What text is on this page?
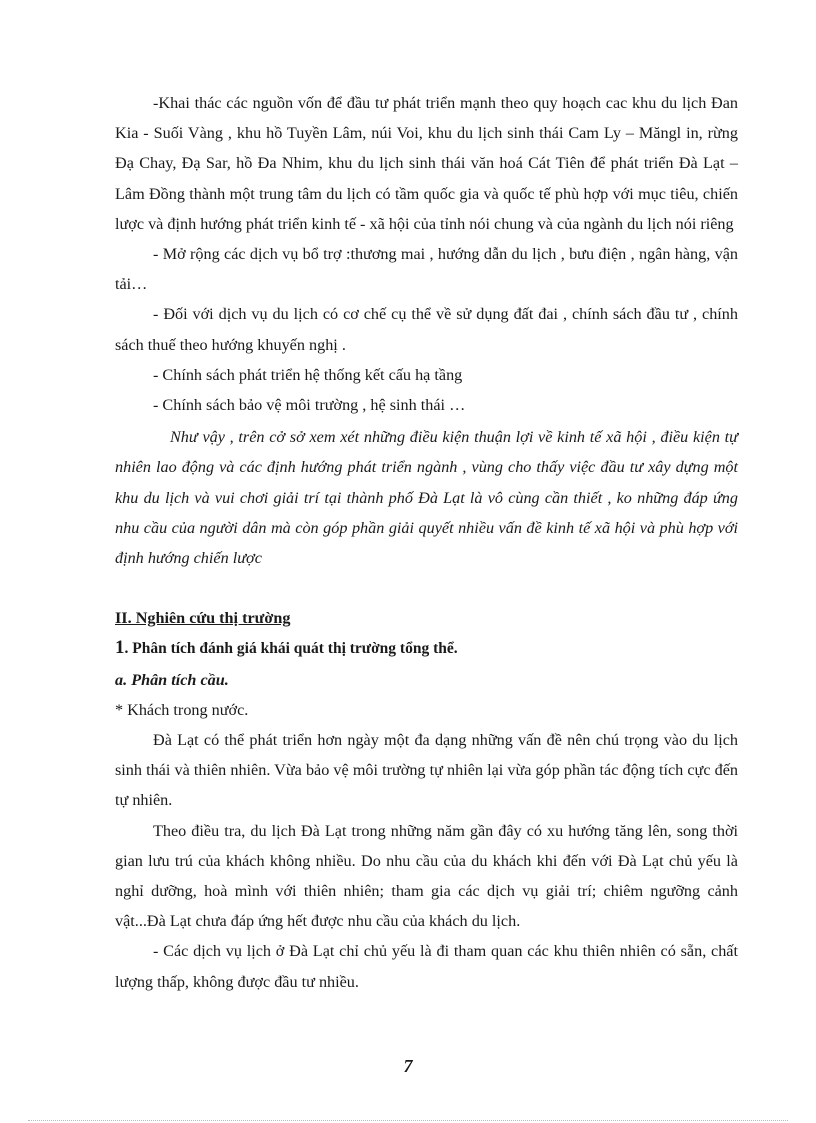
-Khai thác các nguồn vốn để đầu tư phát triển mạnh theo quy hoạch cac khu du lịch Đan Kia - Suối Vàng , khu hồ Tuyền Lâm, núi Voi, khu du lịch sinh thái Cam Ly – Măngl in, rừng Đạ Chay, Đạ Sar, hồ Đa Nhim, khu du lịch sinh thái văn hoá Cát Tiên để phát triển Đà Lạt – Lâm Đồng thành một trung tâm du lịch có tầm quốc gia và quốc tế phù hợp với mục tiêu, chiến lược và định hướng phát triển kinh tế - xã hội của tỉnh nói chung và của ngành du lịch nói riêng

- Mở rộng các dịch vụ bổ trợ :thương mai , hướng dẫn du lịch , bưu điện , ngân hàng, vận tải…

- Đối với dịch vụ du lịch có cơ chế cụ thể về sử dụng đất đai , chính sách đầu tư , chính sách thuế theo hướng khuyến nghị .

- Chính sách phát triển hệ thống kết cấu hạ tầng

- Chính sách bảo vệ môi trường , hệ sinh thái …

Như vậy , trên cở sở xem xét những điều kiện thuận lợi về kinh tế xã hội , điều kiện tự nhiên lao động và các định hướng phát triển ngành , vùng cho thấy việc đầu tư xây dựng một khu du lịch và vui chơi giải trí tại thành phố Đà Lạt là vô cùng cần thiết , ko những đáp ứng nhu cầu của người dân mà còn góp phần giải quyết nhiều vấn đề kinh tế xã hội và phù hợp với định hướng chiến lược

II. Nghiên cứu thị trường

1. Phân tích đánh giá khái quát thị trường tổng thể.

a. Phân tích cầu.

* Khách trong nước.

Đà Lạt có thể phát triển hơn ngày một đa dạng những vấn đề nên chú trọng vào du lịch sinh thái và thiên nhiên. Vừa bảo vệ môi trường tự nhiên lại vừa góp phần tác động tích cực đến tự nhiên.

Theo điều tra, du lịch Đà Lạt trong những năm gần đây có xu hướng tăng lên, song thời gian lưu trú của khách không nhiều. Do nhu cầu của du khách khi đến với Đà Lạt chủ yếu là nghỉ dưỡng, hoà mình với thiên nhiên; tham gia các dịch vụ giải trí; chiêm ngưỡng cảnh vật...Đà Lạt chưa đáp ứng hết được nhu cầu của khách du lịch.

- Các dịch vụ lịch ở Đà Lạt chỉ chủ yếu là đi tham quan các khu thiên nhiên có sẵn, chất lượng thấp, không được đầu tư nhiều.

7
